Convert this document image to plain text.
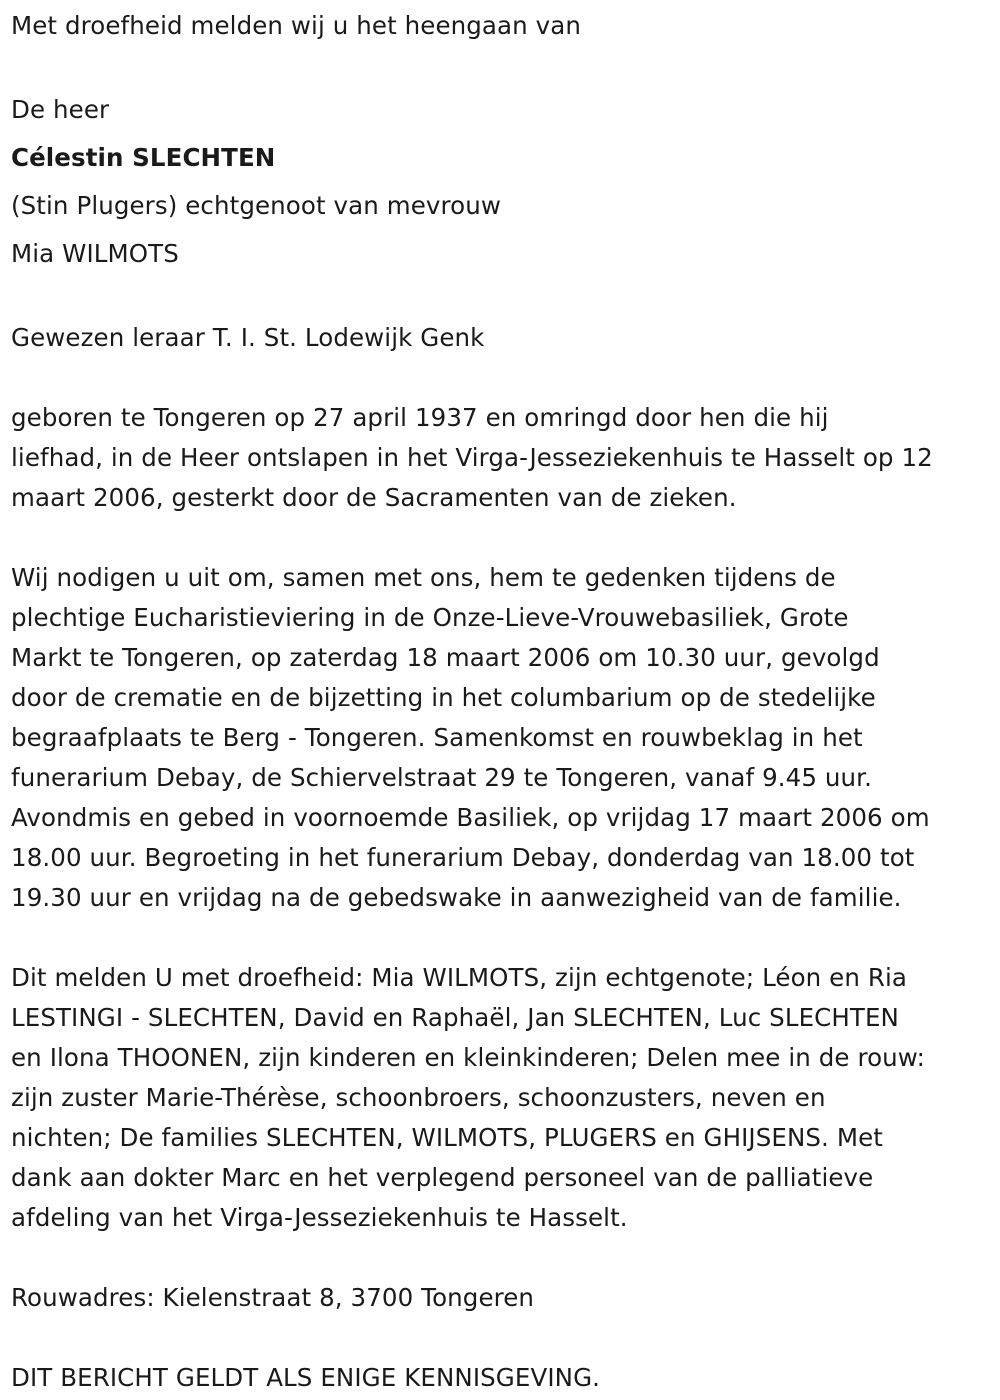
Met droefheid melden wij u het heengaan van
De heer
Célestin SLECHTEN
(Stin Plugers) echtgenoot van mevrouw
Mia WILMOTS
Gewezen leraar T. I. St. Lodewijk Genk
geboren te Tongeren op 27 april 1937 en omringd door hen die hij
liefhad, in de Heer ontslapen in het Virga-Jesseziekenhuis te Hasselt op 12
maart 2006, gesterkt door de Sacramenten van de zieken.
Wij nodigen u uit om, samen met ons, hem te gedenken tijdens de
plechtige Eucharistieviering in de Onze-Lieve-Vrouwebasiliek, Grote
Markt te Tongeren, op zaterdag 18 maart 2006 om 10.30 uur, gevolgd
door de crematie en de bijzetting in het columbarium op de stedelijke
begraafplaats te Berg - Tongeren. Samenkomst en rouwbeklag in het
funerarium Debay, de Schiervelstraat 29 te Tongeren, vanaf 9.45 uur.
Avondmis en gebed in voornoemde Basiliek, op vrijdag 17 maart 2006 om
18.00 uur. Begroeting in het funerarium Debay, donderdag van 18.00 tot
19.30 uur en vrijdag na de gebedswake in aanwezigheid van de familie.
Dit melden U met droefheid: Mia WILMOTS, zijn echtgenote; Léon en Ria
LESTINGI - SLECHTEN, David en Raphaël, Jan SLECHTEN, Luc SLECHTEN
en Ilona THOONEN, zijn kinderen en kleinkinderen; Delen mee in de rouw:
zijn zuster Marie-Thérèse, schoonbroers, schoonzusters, neven en
nichten; De families SLECHTEN, WILMOTS, PLUGERS en GHIJSENS. Met
dank aan dokter Marc en het verplegend personeel van de palliatieve
afdeling van het Virga-Jesseziekenhuis te Hasselt.
Rouwadres: Kielenstraat 8, 3700 Tongeren
DIT BERICHT GELDT ALS ENIGE KENNISGEVING.
